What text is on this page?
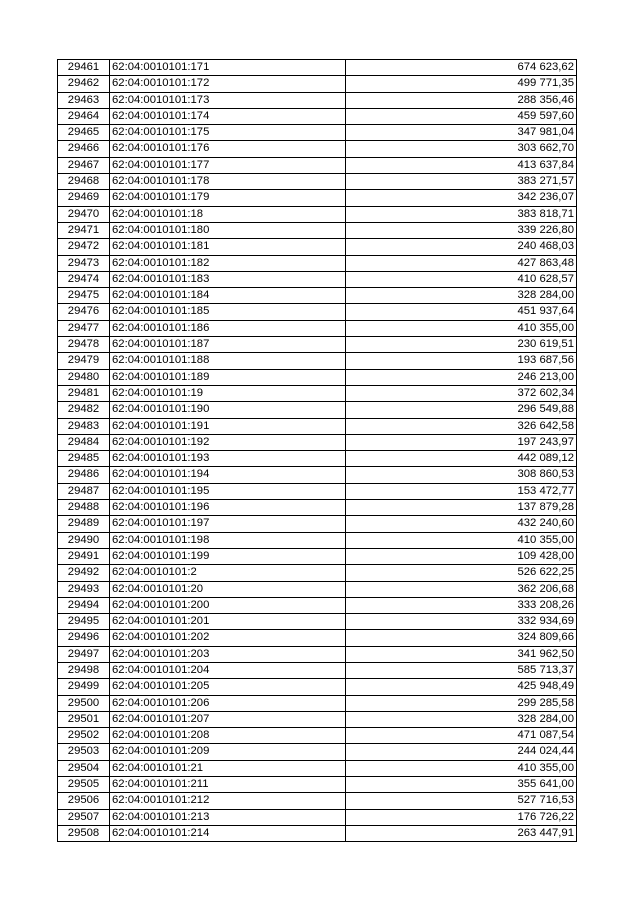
29461	62:04:0010101:171	674 623,62
29462	62:04:0010101:172	499 771,35
29463	62:04:0010101:173	288 356,46
29464	62:04:0010101:174	459 597,60
29465	62:04:0010101:175	347 981,04
29466	62:04:0010101:176	303 662,70
29467	62:04:0010101:177	413 637,84
29468	62:04:0010101:178	383 271,57
29469	62:04:0010101:179	342 236,07
29470	62:04:0010101:18	383 818,71
29471	62:04:0010101:180	339 226,80
29472	62:04:0010101:181	240 468,03
29473	62:04:0010101:182	427 863,48
29474	62:04:0010101:183	410 628,57
29475	62:04:0010101:184	328 284,00
29476	62:04:0010101:185	451 937,64
29477	62:04:0010101:186	410 355,00
29478	62:04:0010101:187	230 619,51
29479	62:04:0010101:188	193 687,56
29480	62:04:0010101:189	246 213,00
29481	62:04:0010101:19	372 602,34
29482	62:04:0010101:190	296 549,88
29483	62:04:0010101:191	326 642,58
29484	62:04:0010101:192	197 243,97
29485	62:04:0010101:193	442 089,12
29486	62:04:0010101:194	308 860,53
29487	62:04:0010101:195	153 472,77
29488	62:04:0010101:196	137 879,28
29489	62:04:0010101:197	432 240,60
29490	62:04:0010101:198	410 355,00
29491	62:04:0010101:199	109 428,00
29492	62:04:0010101:2	526 622,25
29493	62:04:0010101:20	362 206,68
29494	62:04:0010101:200	333 208,26
29495	62:04:0010101:201	332 934,69
29496	62:04:0010101:202	324 809,66
29497	62:04:0010101:203	341 962,50
29498	62:04:0010101:204	585 713,37
29499	62:04:0010101:205	425 948,49
29500	62:04:0010101:206	299 285,58
29501	62:04:0010101:207	328 284,00
29502	62:04:0010101:208	471 087,54
29503	62:04:0010101:209	244 024,44
29504	62:04:0010101:21	410 355,00
29505	62:04:0010101:211	355 641,00
29506	62:04:0010101:212	527 716,53
29507	62:04:0010101:213	176 726,22
29508	62:04:0010101:214	263 447,91
